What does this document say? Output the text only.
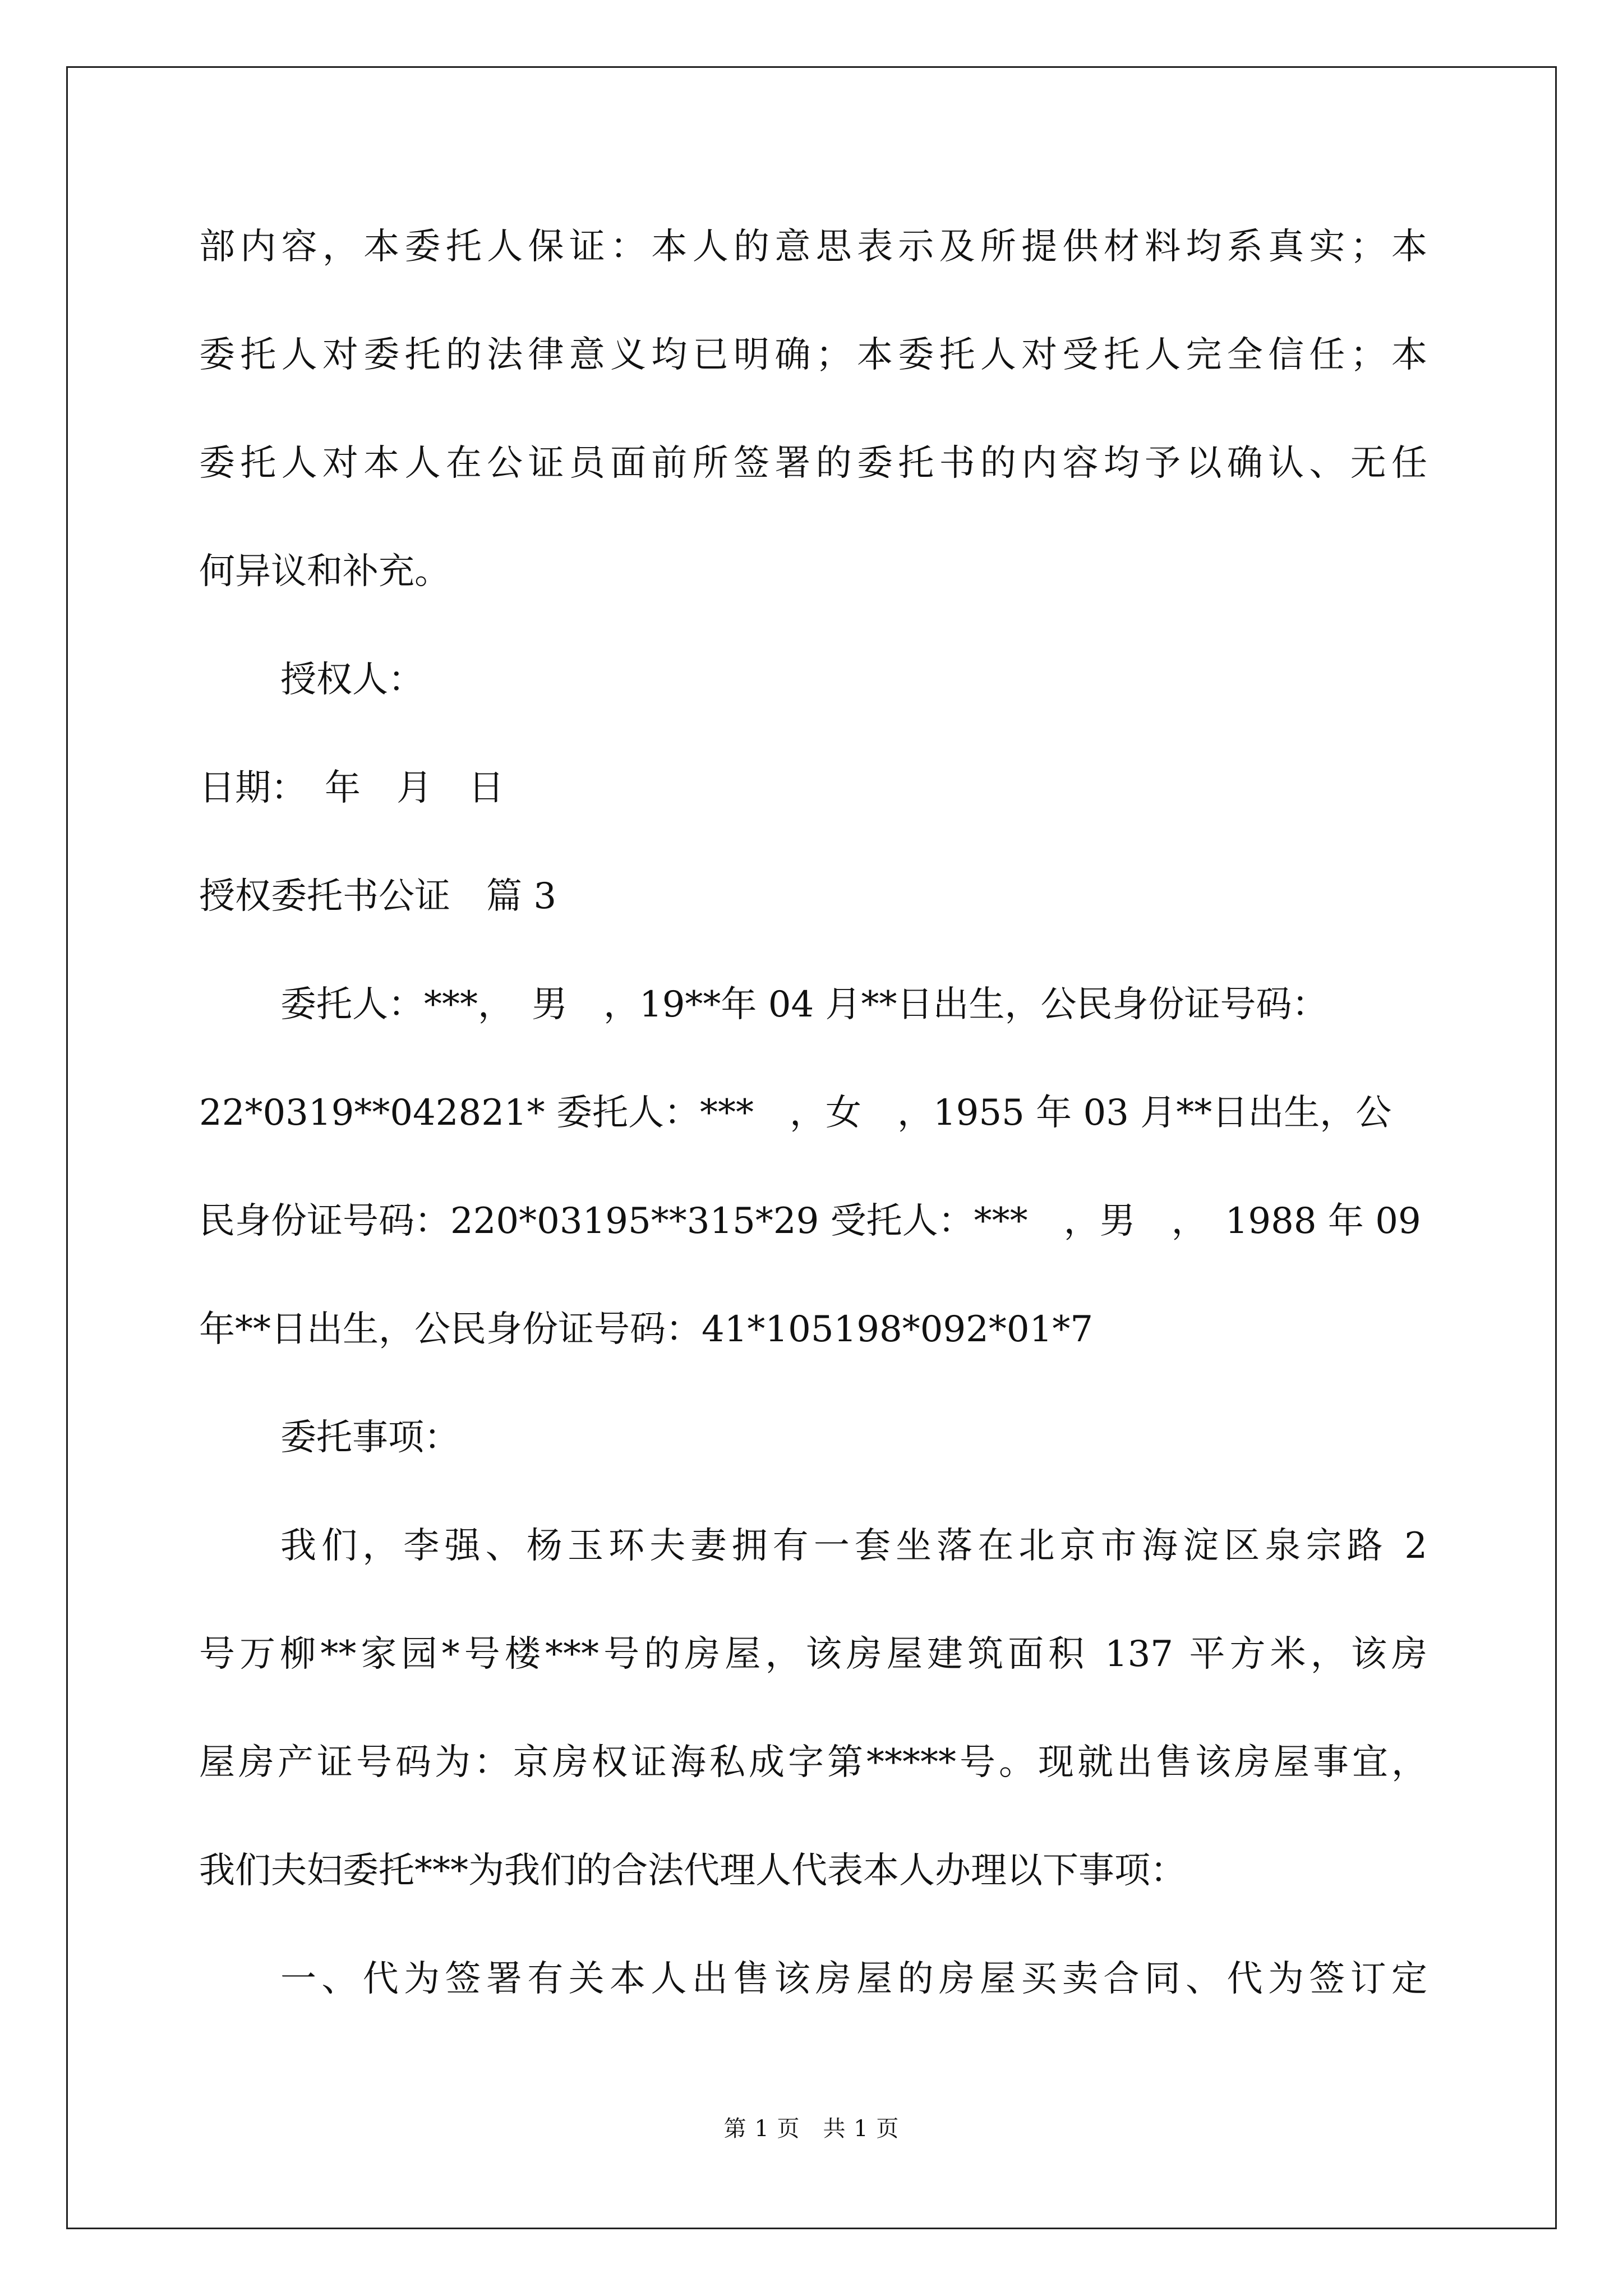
部内容，本委托人保证：本人的意思表示及所提供材料均系真实；本
委托人对委托的法律意义均已明确；本委托人对受托人完全信任；本
委托人对本人在公证员面前所签署的委托书的内容均予以确认、无任
何异议和补充。
授权人：
日期：　年　月　日
授权委托书公证　篇 3
委托人：***，　男　，19**年 04 月**日出生，公民身份证号码：
22*0319**042821* 委托人：***　，女　，1955 年 03 月**日出生，公
民身份证号码：220*03195**315*29 受托人：***　，男　，　1988 年 09
年**日出生，公民身份证号码：41*105198*092*01*7
委托事项：
我们，李强、杨玉环夫妻拥有一套坐落在北京市海淀区泉宗路 2
号万柳**家园*号楼***号的房屋，该房屋建筑面积 137 平方米，该房
屋房产证号码为：京房权证海私成字第*****号。现就出售该房屋事宜，
我们夫妇委托***为我们的合法代理人代表本人办理以下事项：
一、代为签署有关本人出售该房屋的房屋买卖合同、代为签订定
第 1 页　共 1 页
